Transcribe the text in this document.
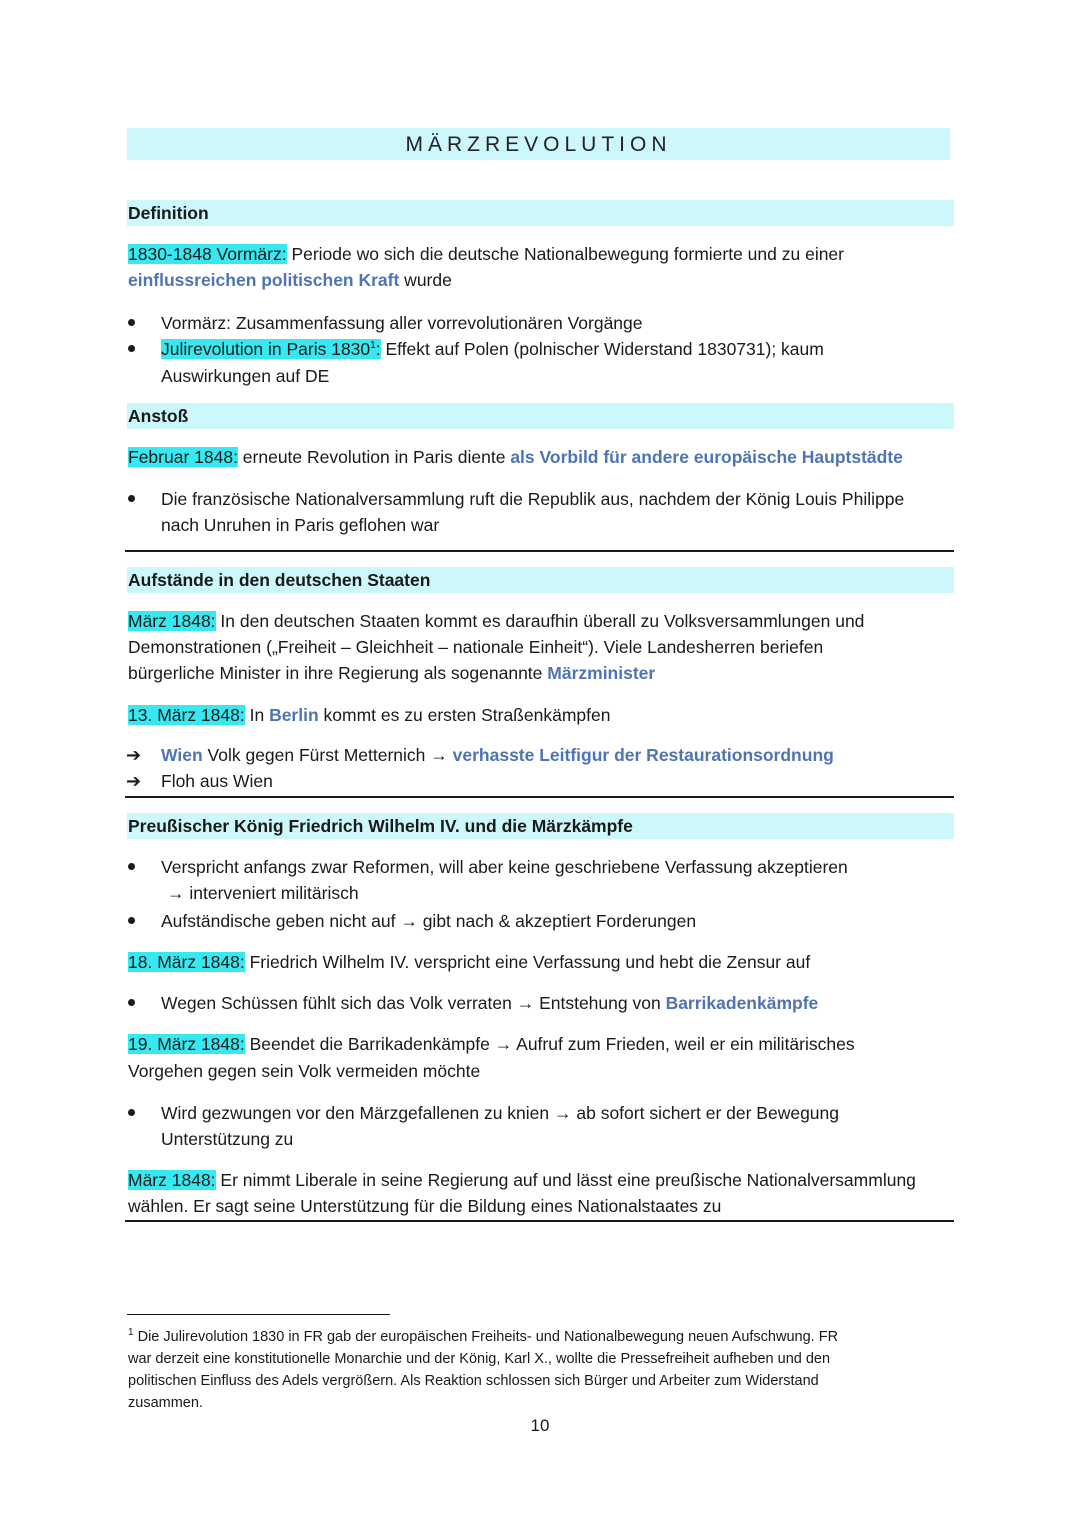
MÄRZREVOLUTION
Definition
1830-1848 Vormärz: Periode wo sich die deutsche Nationalbewegung formierte und zu einer
einflussreichen politischen Kraft wurde
Vormärz: Zusammenfassung aller vorrevolutionären Vorgänge
Julirevolution in Paris 1830$^1$: Effekt auf Polen (polnischer Widerstand 1830731); kaum
Auswirkungen auf DE
Anstoß
Februar 1848: erneute Revolution in Paris diente als Vorbild für andere europäische Hauptstädte
Die französische Nationalversammlung ruft die Republik aus, nachdem der König Louis Philippe
nach Unruhen in Paris geflohen war
Aufstände in den deutschen Staaten
März 1848: In den deutschen Staaten kommt es daraufhin überall zu Volksversammlungen und
Demonstrationen („Freiheit – Gleichheit – nationale Einheit“). Viele Landesherren beriefen
bürgerliche Minister in ihre Regierung als sogenannte Märzminister
13. März 1848: In Berlin kommt es zu ersten Straßenkämpfen
➔ Wien Volk gegen Fürst Metternich → verhasste Leitfigur der Restaurationsordnung
➔ Floh aus Wien
Preußischer König Friedrich Wilhelm IV. und die Märzkämpfe
Verspricht anfangs zwar Reformen, will aber keine geschriebene Verfassung akzeptieren
→ interveniert militärisch
Aufständische geben nicht auf → gibt nach & akzeptiert Forderungen
18. März 1848: Friedrich Wilhelm IV. verspricht eine Verfassung und hebt die Zensur auf
Wegen Schüssen fühlt sich das Volk verraten → Entstehung von Barrikadenkämpfe
19. März 1848: Beendet die Barrikadenkämpfe → Aufruf zum Frieden, weil er ein militärisches
Vorgehen gegen sein Volk vermeiden möchte
Wird gezwungen vor den Märzgefallenen zu knien → ab sofort sichert er der Bewegung
Unterstützung zu
März 1848: Er nimmt Liberale in seine Regierung auf und lässt eine preußische Nationalversammlung
wählen. Er sagt seine Unterstützung für die Bildung eines Nationalstaates zu
$^1$ Die Julirevolution 1830 in FR gab der europäischen Freiheits- und Nationalbewegung neuen Aufschwung. FR
war derzeit eine konstitutionelle Monarchie und der König, Karl X., wollte die Pressefreiheit aufheben und den
politischen Einfluss des Adels vergrößern. Als Reaktion schlossen sich Bürger und Arbeiter zum Widerstand
zusammen.
10
